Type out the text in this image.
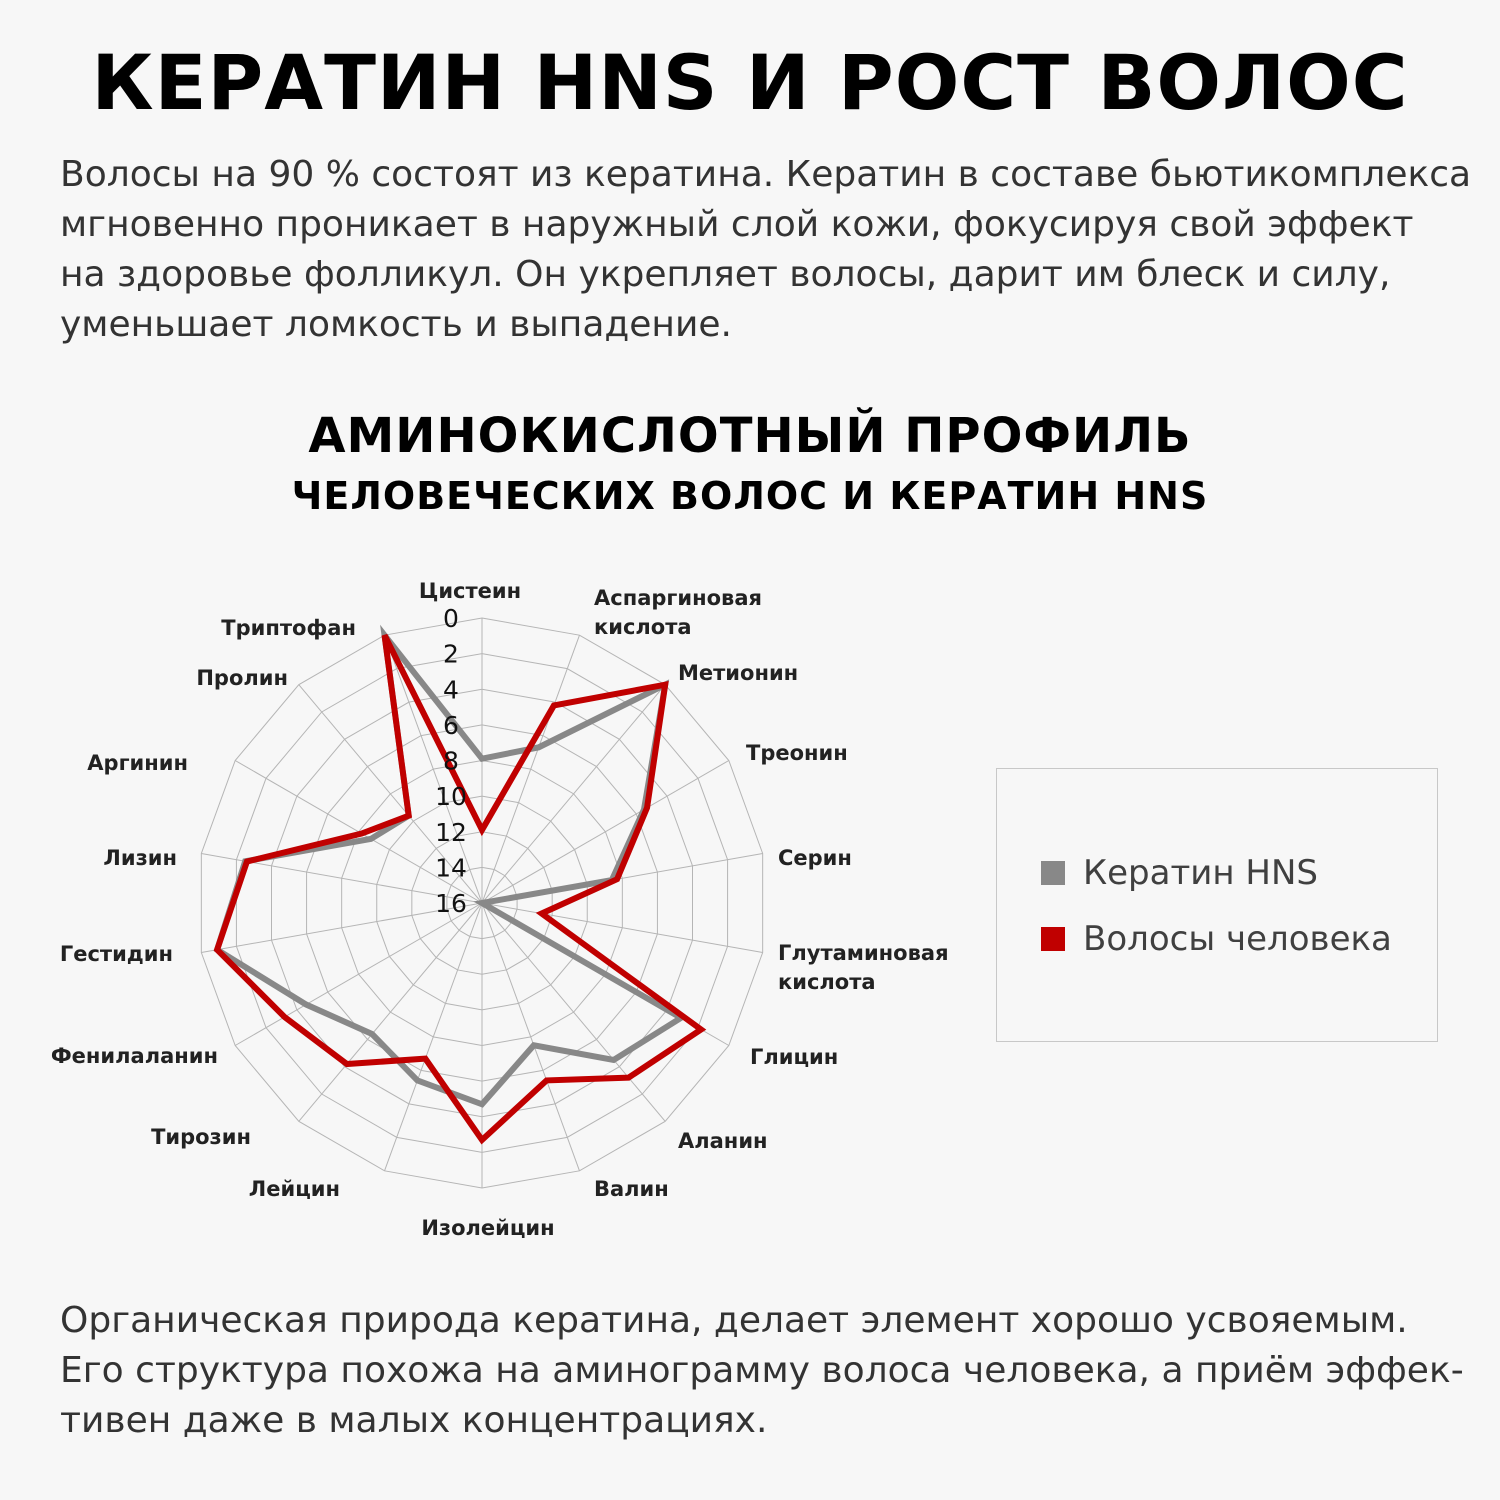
КЕРАТИН HNS И РОСТ ВОЛОС
Волосы на 90 % состоят из кератина. Кератин в составе бьютикомплекса
мгновенно проникает в наружный слой кожи, фокусируя свой эффект
на здоровье фолликул. Он укрепляет волосы, дарит им блеск и силу,
уменьшает ломкость и выпадение.
АМИНОКИСЛОТНЫЙ ПРОФИЛЬ
ЧЕЛОВЕЧЕСКИХ ВОЛОС И КЕРАТИН HNS
0
2
4
6
8
10
12
14
16
Цистеин	Аспаргиновая
кислота
Метионин
Треонин
Серин
Глутаминовая
кислота
Глицин
Аланин
Валин
Изолейцин
Лейцин
Тирозин
Фенилаланин
Гестидин
Лизин
Аргинин
Пролин
Триптофан
Кератин HNS
Волосы человека
Органическая природа кератина, делает элемент хорошо усвояемым.
Его структура похожа на аминограмму волоса человека, а приём эффек-
тивен даже в малых концентрациях.
